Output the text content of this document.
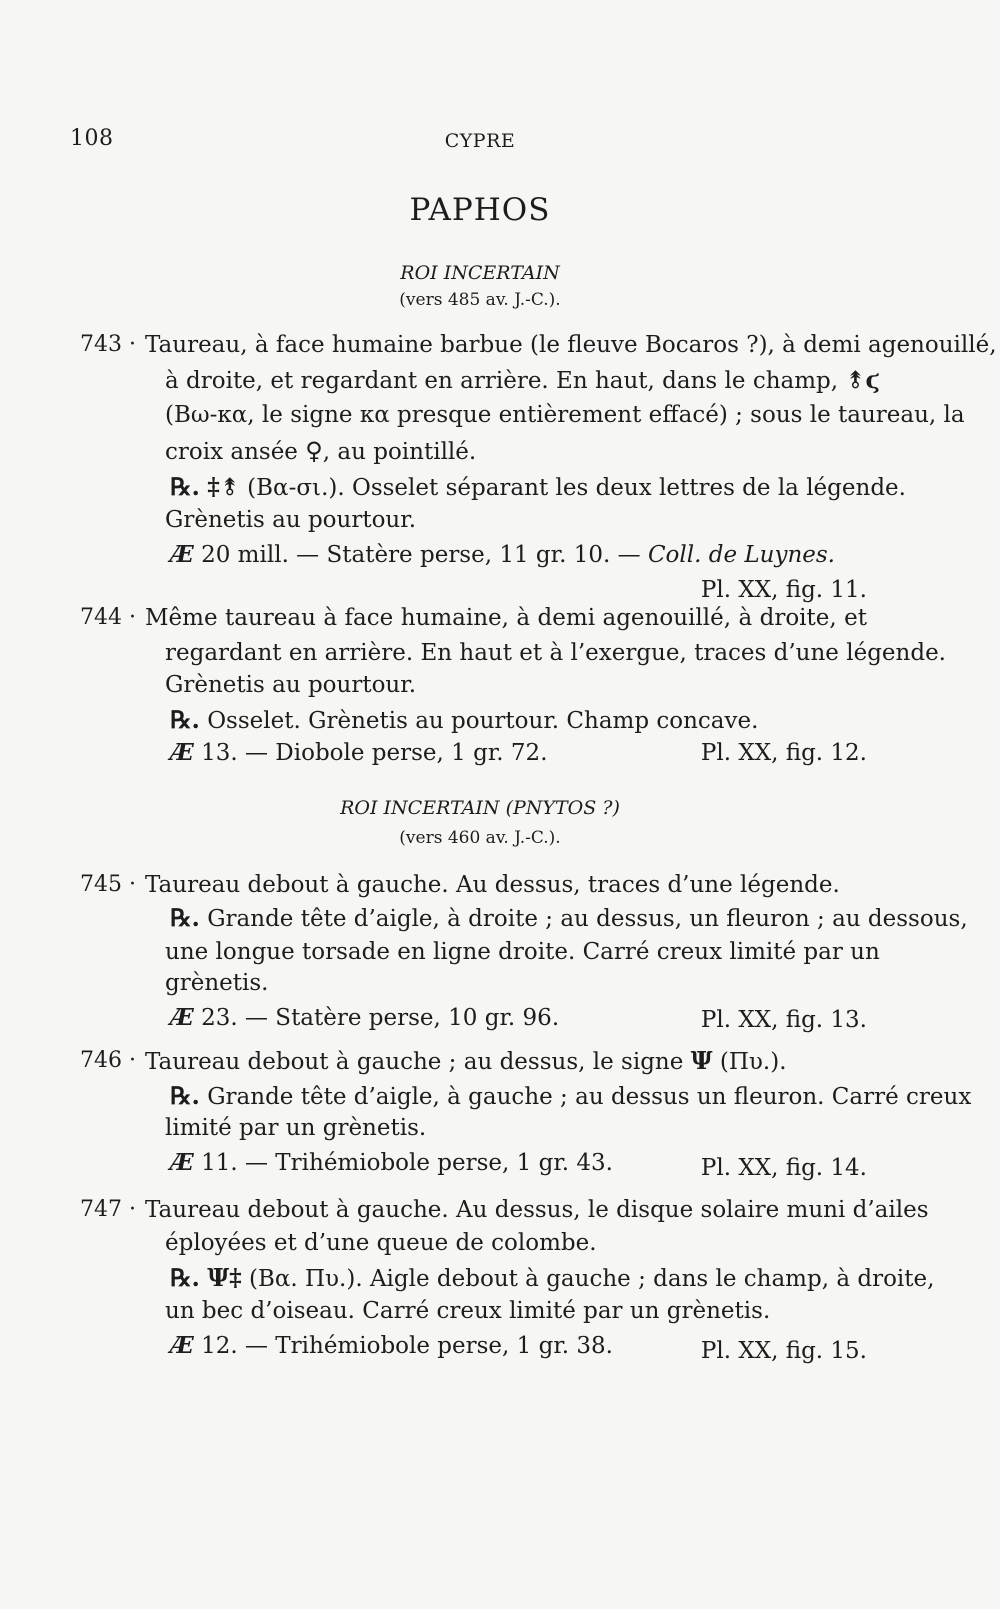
108	CYPRE
PAPHOS
ROI INCERTAIN
(vers 485 av. J.-C.).
743 · Taureau, à face humaine barbue (le fleuve Bocaros ?), à demi agenouillé,
à droite, et regardant en arrière. En haut, dans le champ, ⥉ϛ
(Βω-κα, le signe κα presque entièrement effacé) ; sous le taureau, la
croix ansée ♀, au pointillé.
℞. ‡⥉ (Βα-σι.). Osselet séparant les deux lettres de la légende.
Grènetis au pourtour.
Æ 20 mill. — Statère perse, 11 gr. 10. — Coll. de Luynes.
Pl. XX, fig. 11.
744 · Même taureau à face humaine, à demi agenouillé, à droite, et
regardant en arrière. En haut et à l’exergue, traces d’une légende.
Grènetis au pourtour.
℞. Osselet. Grènetis au pourtour. Champ concave.
Æ 13. — Diobole perse, 1 gr. 72.	Pl. XX, fig. 12.
ROI INCERTAIN (PNYTOS ?)
(vers 460 av. J.-C.).
745 · Taureau debout à gauche. Au dessus, traces d’une légende.
℞. Grande tête d’aigle, à droite ; au dessus, un fleuron ; au dessous,
une longue torsade en ligne droite. Carré creux limité par un
grènetis.
Æ 23. — Statère perse, 10 gr. 96.	Pl. XX, fig. 13.
746 · Taureau debout à gauche ; au dessus, le signe Ψ (Πυ.).
℞. Grande tête d’aigle, à gauche ; au dessus un fleuron. Carré creux
limité par un grènetis.
Æ 11. — Trihémiobole perse, 1 gr. 43.	Pl. XX, fig. 14.
747 · Taureau debout à gauche. Au dessus, le disque solaire muni d’ailes
éployées et d’une queue de colombe.
℞. Ψ‡ (Βα. Πυ.). Aigle debout à gauche ; dans le champ, à droite,
un bec d’oiseau. Carré creux limité par un grènetis.
Æ 12. — Trihémiobole perse, 1 gr. 38.	Pl. XX, fig. 15.
